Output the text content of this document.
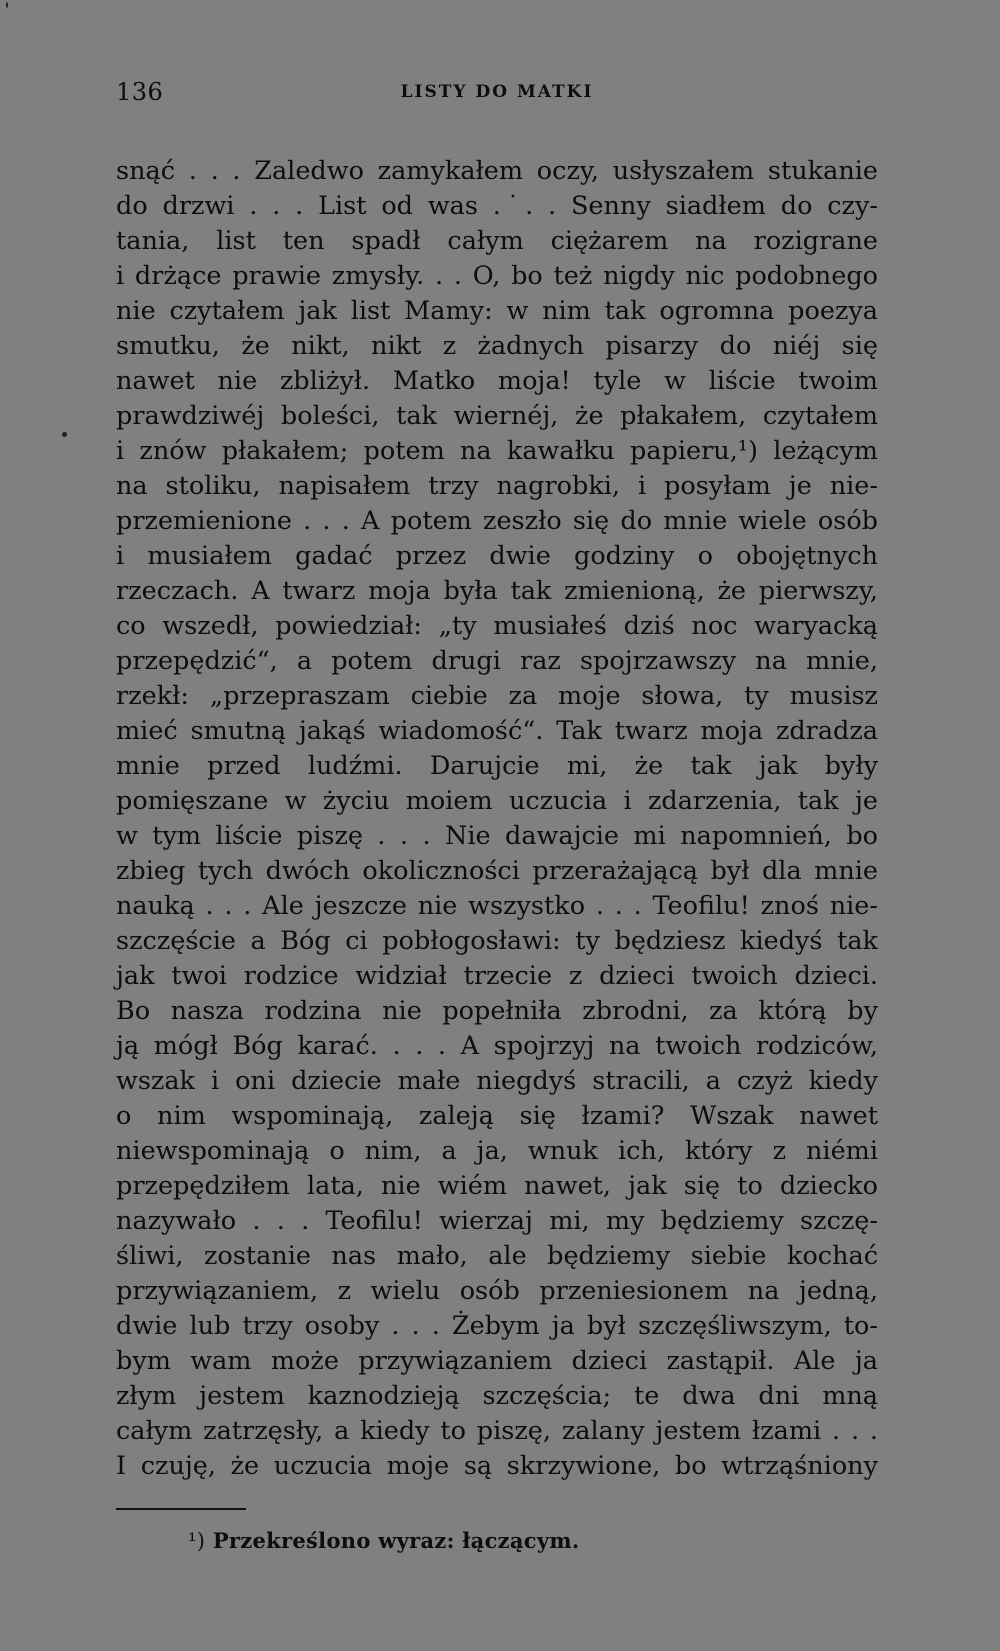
136	LISTY DO MATKI
snąć . . . Zaledwo zamykałem oczy, usłyszałem stukanie
do drzwi . . . List od was .˙. . Senny siadłem do czy-
tania, list ten spadł całym ciężarem na rozigrane
i drżące prawie zmysły. . . O, bo też nigdy nic podobnego
nie czytałem jak list Mamy: w nim tak ogromna poezya
smutku, że nikt, nikt z żadnych pisarzy do niéj się
nawet nie zbliżył. Matko moja! tyle w liście twoim
prawdziwéj boleści, tak wiernéj, że płakałem, czytałem
i znów płakałem; potem na kawałku papieru,¹) leżącym
na stoliku, napisałem trzy nagrobki, i posyłam je nie-
przemienione . . . A potem zeszło się do mnie wiele osób
i musiałem gadać przez dwie godziny o obojętnych
rzeczach. A twarz moja była tak zmienioną, że pierwszy,
co wszedł, powiedział: „ty musiałeś dziś noc waryacką
przepędzić“, a potem drugi raz spojrzawszy na mnie,
rzekł: „przepraszam ciebie za moje słowa, ty musisz
mieć smutną jakąś wiadomość“. Tak twarz moja zdradza
mnie przed ludźmi. Darujcie mi, że tak jak były
pomięszane w życiu moiem uczucia i zdarzenia, tak je
w tym liście piszę . . . Nie dawajcie mi napomnień, bo
zbieg tych dwóch okoliczności przerażającą był dla mnie
nauką . . . Ale jeszcze nie wszystko . . . Teofilu! znoś nie-
szczęście a Bóg ci pobłogosławi: ty będziesz kiedyś tak
jak twoi rodzice widział trzecie z dzieci twoich dzieci.
Bo nasza rodzina nie popełniła zbrodni, za którą by
ją mógł Bóg karać. . . . A spojrzyj na twoich rodziców,
wszak i oni dziecie małe niegdyś stracili, a czyż kiedy
o nim wspominają, zaleją się łzami? Wszak nawet
niewspominają o nim, a ja, wnuk ich, który z niémi
przepędziłem lata, nie wiém nawet, jak się to dziecko
nazywało . . . Teofilu! wierzaj mi, my będziemy szczę-
śliwi, zostanie nas mało, ale będziemy siebie kochać
przywiązaniem, z wielu osób przeniesionem na jedną,
dwie lub trzy osoby . . . Żebym ja był szczęśliwszym, to-
bym wam może przywiązaniem dzieci zastąpił. Ale ja
złym jestem kaznodzieją szczęścia; te dwa dni mną
całym zatrzęsły, a kiedy to piszę, zalany jestem łzami . . .
I czuję, że uczucia moje są skrzywione, bo wtrząśniony
¹) Przekreślono wyraz: łączącym.
